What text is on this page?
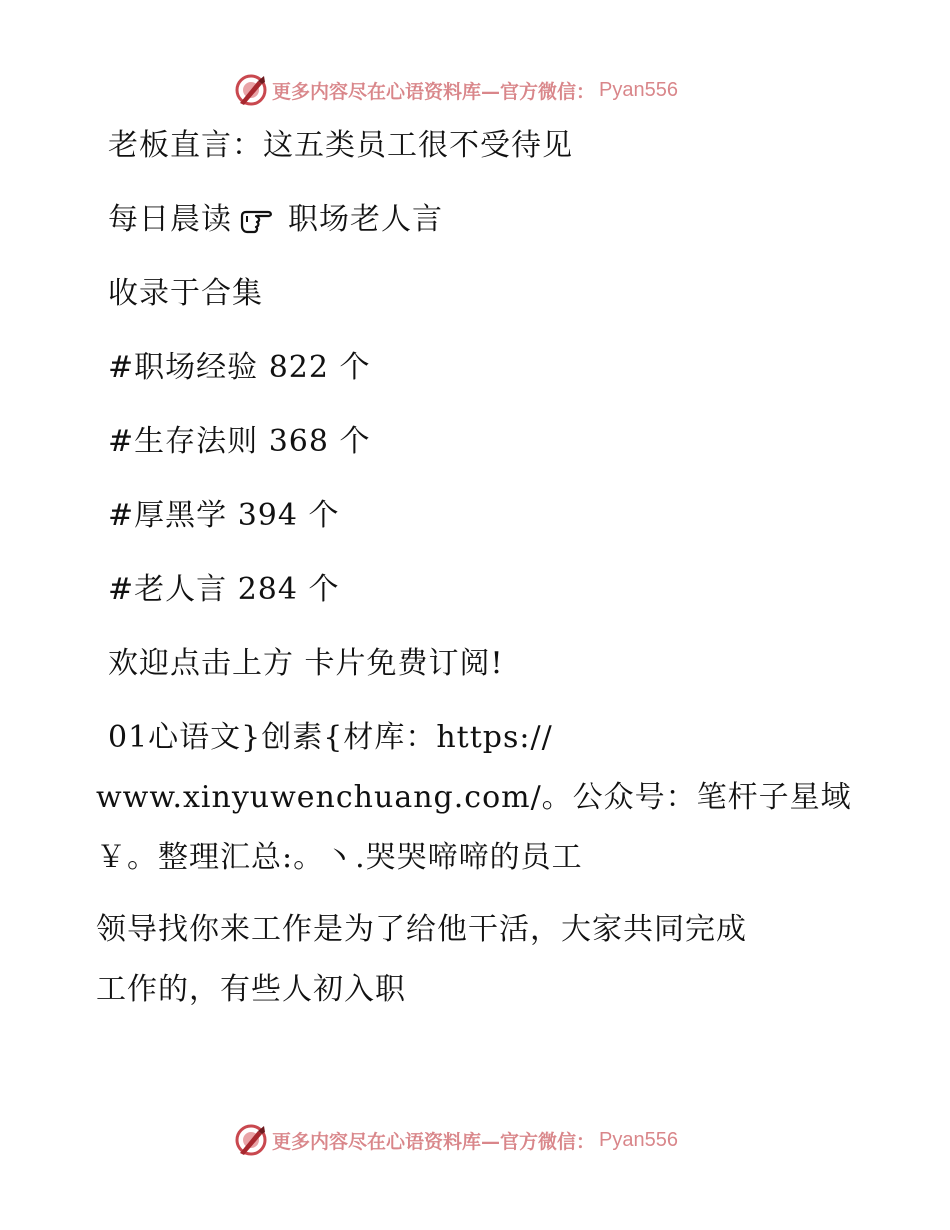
更多内容尽在心语资料库—官方微信： Pyan556
老板直言：这五类员工很不受待见
每日晨读 职场老人言
收录于合集
#职场经验 822 个
#生存法则 368 个
#厚黑学 394 个
#老人言 284 个
欢迎点击上方 卡片免费订阅!
01心语文}创素{材库：https://
www.xinyuwenchuang.com/。公众号：笔杆子星域
￥。整理汇总:。丶.哭哭啼啼的员工
领导找你来工作是为了给他干活，大家共同完成
工作的，有些人初入职
更多内容尽在心语资料库—官方微信： Pyan556
